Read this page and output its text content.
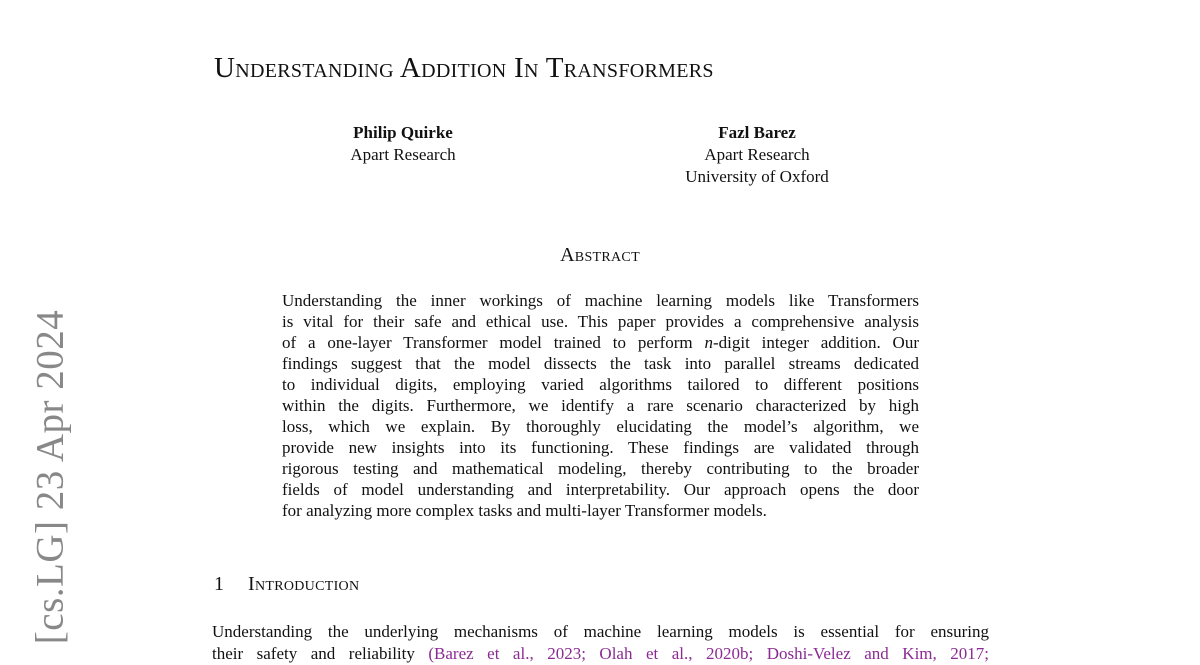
[cs.LG] 23 Apr 2024
Understanding Addition In Transformers
Philip Quirke
Apart Research
Fazl Barez
Apart Research
University of Oxford
Abstract
Understanding the inner workings of machine learning models like Transformers
is vital for their safe and ethical use. This paper provides a comprehensive analysis
of a one-layer Transformer model trained to perform n-digit integer addition. Our
findings suggest that the model dissects the task into parallel streams dedicated
to individual digits, employing varied algorithms tailored to different positions
within the digits. Furthermore, we identify a rare scenario characterized by high
loss, which we explain. By thoroughly elucidating the model’s algorithm, we
provide new insights into its functioning. These findings are validated through
rigorous testing and mathematical modeling, thereby contributing to the broader
fields of model understanding and interpretability. Our approach opens the door
for analyzing more complex tasks and multi-layer Transformer models.
1 Introduction
Understanding the underlying mechanisms of machine learning models is essential for ensuring
their safety and reliability (Barez et al., 2023; Olah et al., 2020b; Doshi-Velez and Kim, 2017;
